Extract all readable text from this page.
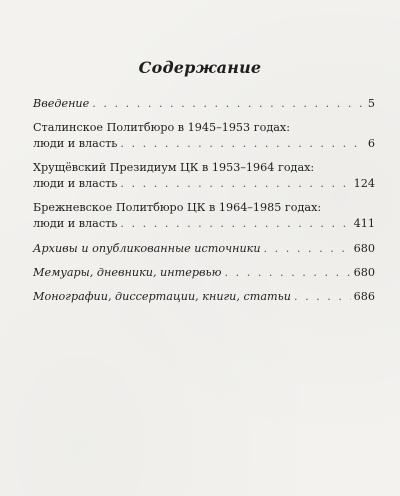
Содержание
Введение . . .	5
Сталинское Политбюро в 1945–1953 годах:
люди и власть . . .	6
Хрущёвский Президиум ЦК в 1953–1964 годах:
люди и власть . . .	124
Брежневское Политбюро ЦК в 1964–1985 годах:
люди и власть . . .	411
Архивы и опубликованные источники . . .	680
Мемуары, дневники, интервью . . .	680
Монографии, диссертации, книги, статьи . . .	686
